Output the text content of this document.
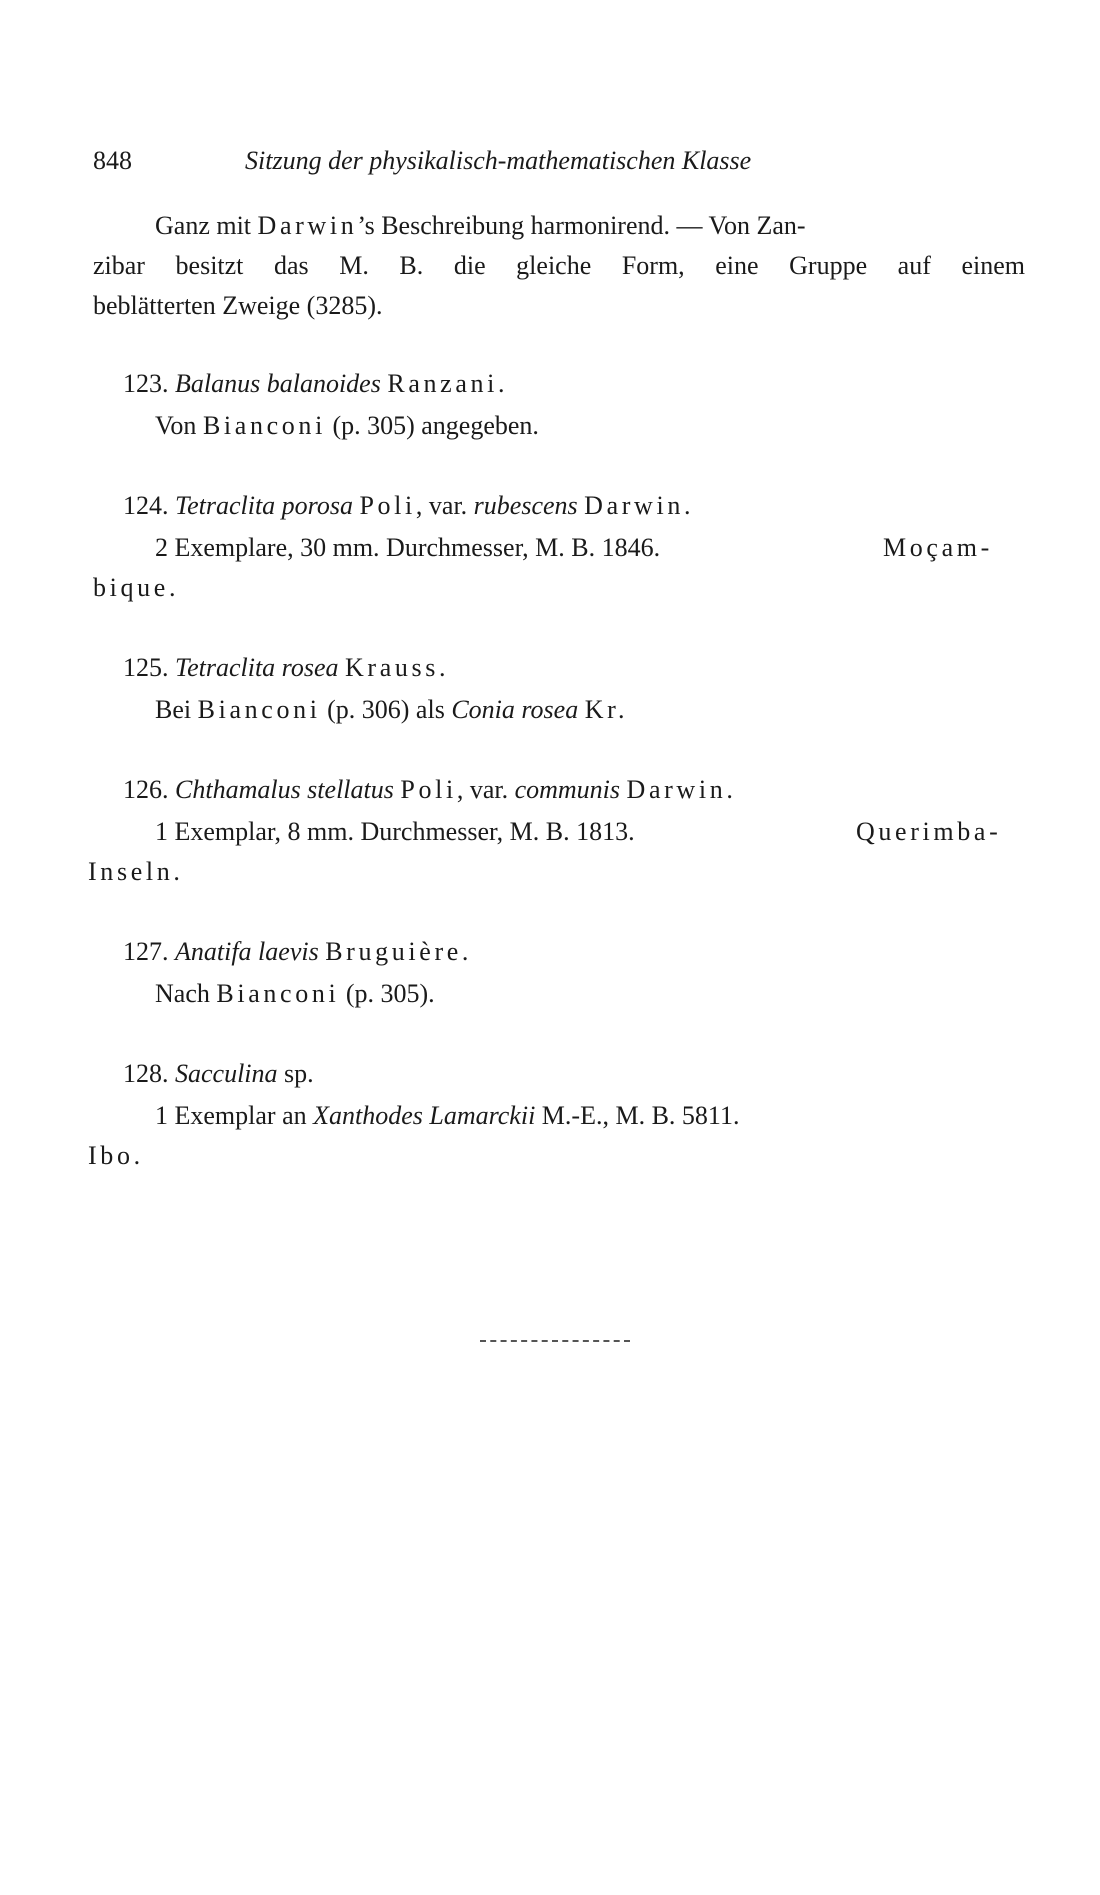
848	Sitzung der physikalisch-mathematischen Klasse
Ganz mit Darwin’s Beschreibung harmonirend. — Von Zan-
zibar besitzt das M. B. die gleiche Form, eine Gruppe auf einem
beblätterten Zweige (3285).
123. Balanus balanoides Ranzani.
Von Bianconi (p. 305) angegeben.
124. Tetraclita porosa Poli, var. rubescens Darwin.
2 Exemplare, 30 mm. Durchmesser, M. B. 1846.	Moçam-
bique.
125. Tetraclita rosea Krauss.
Bei Bianconi (p. 306) als Conia rosea Kr.
126. Chthamalus stellatus Poli, var. communis Darwin.
1 Exemplar, 8 mm. Durchmesser, M. B. 1813.	Querimba-
Inseln.
127. Anatifa laevis Bruguière.
Nach Bianconi (p. 305).
128. Sacculina sp.
1 Exemplar an Xanthodes Lamarckii M.-E., M. B. 5811.
Ibo.
